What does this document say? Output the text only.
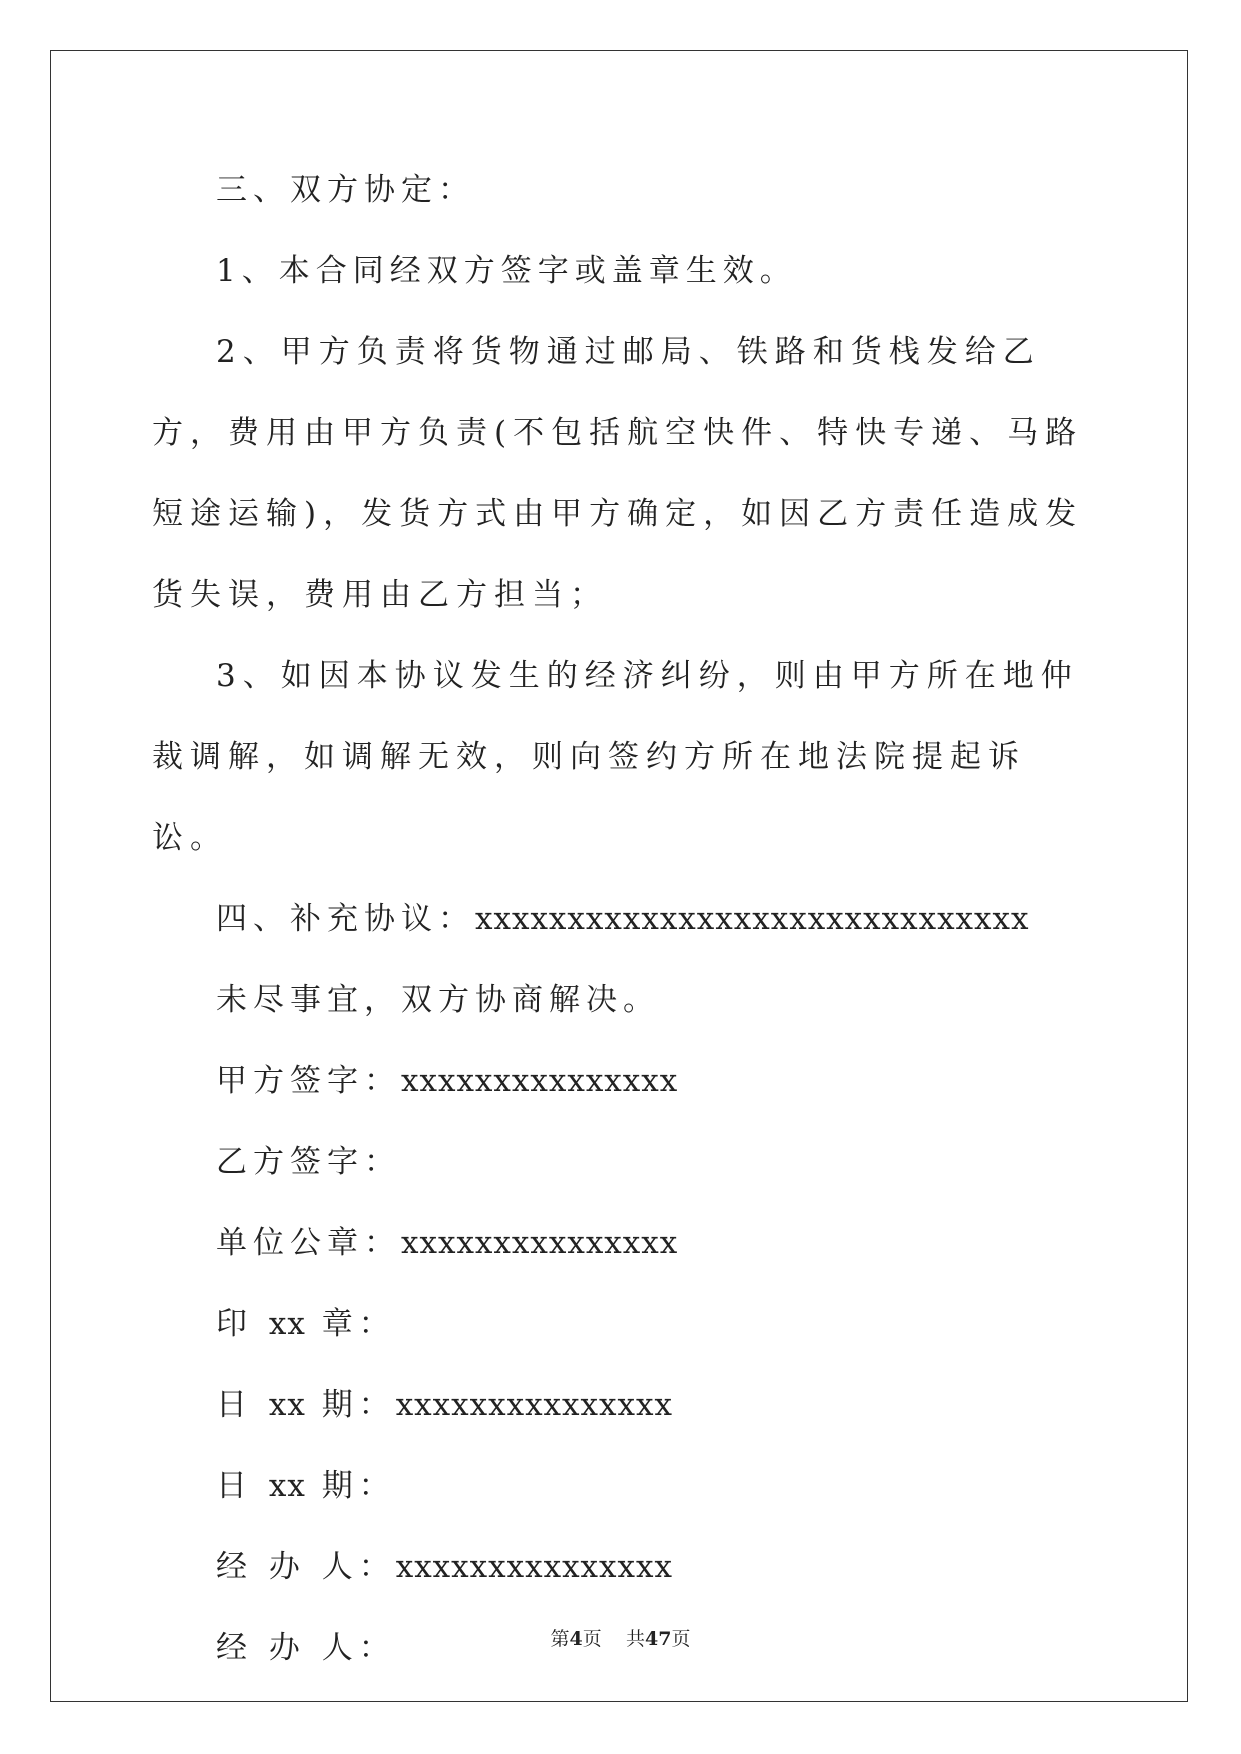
三、双方协定：

1、本合同经双方签字或盖章生效。

2、甲方负责将货物通过邮局、铁路和货栈发给乙方，费用由甲方负责(不包括航空快件、特快专递、马路短途运输)，发货方式由甲方确定，如因乙方责任造成发货失误，费用由乙方担当；

3、如因本协议发生的经济纠纷，则由甲方所在地仲裁调解，如调解无效，则向签约方所在地法院提起诉讼。

四、补充协议：xxxxxxxxxxxxxxxxxxxxxxxxxxxxxx

未尽事宜，双方协商解决。

甲方签字：xxxxxxxxxxxxxxx

乙方签字：

单位公章：xxxxxxxxxxxxxxx

印 xx 章：

日 xx 期：xxxxxxxxxxxxxxx

日 xx 期：

经 办 人：xxxxxxxxxxxxxxx

经 办 人：	第4页 共47页
